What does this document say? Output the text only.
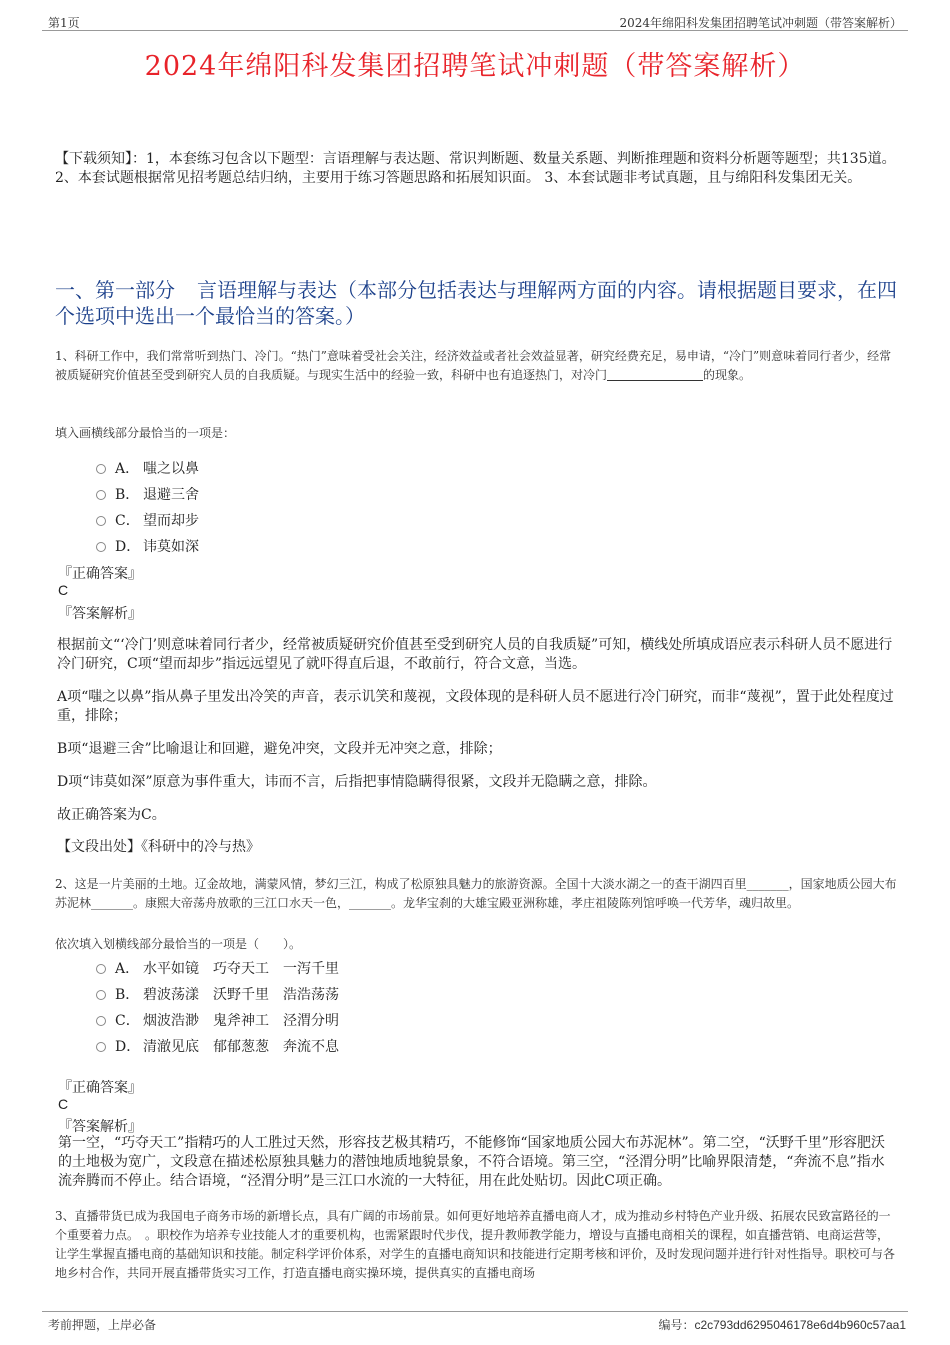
第1页	2024年绵阳科发集团招聘笔试冲刺题（带答案解析）
2024年绵阳科发集团招聘笔试冲刺题（带答案解析）
【下载须知】：1，本套练习包含以下题型：言语理解与表达题、常识判断题、数量关系题、判断推理题和资料分析题等题型；共135道。 2、本套试题根据常见招考题总结归纳，主要用于练习答题思路和拓展知识面。 3、本套试题非考试真题，且与绵阳科发集团无关。
一、第一部分 言语理解与表达（本部分包括表达与理解两方面的内容。请根据题目要求，在四个选项中选出一个最恰当的答案。）
1、科研工作中，我们常常听到热门、冷门。“热门”意味着受社会关注，经济效益或者社会效益显著，研究经费充足，易申请，“冷门”则意味着同行者少，经常被质疑研究价值甚至受到研究人员的自我质疑。与现实生活中的经验一致，科研中也有追逐热门，对冷门	的现象。
填入画横线部分最恰当的一项是：
A． 嗤之以鼻
B． 退避三舍
C． 望而却步
D． 讳莫如深
『正确答案』
C
『答案解析』
根据前文“‘冷门’则意味着同行者少，经常被质疑研究价值甚至受到研究人员的自我质疑”可知，横线处所填成语应表示科研人员不愿进行冷门研究，C项“望而却步”指远远望见了就吓得直后退，不敢前行，符合文意，当选。
A项“嗤之以鼻”指从鼻子里发出冷笑的声音，表示讥笑和蔑视，文段体现的是科研人员不愿进行冷门研究，而非“蔑视”，置于此处程度过重，排除；
B项“退避三舍”比喻退让和回避，避免冲突，文段并无冲突之意，排除；
D项“讳莫如深”原意为事件重大，讳而不言，后指把事情隐瞒得很紧，文段并无隐瞒之意，排除。
故正确答案为C。
【文段出处】《科研中的冷与热》
2、这是一片美丽的土地。辽金故地，满蒙风情，梦幻三江，构成了松原独具魅力的旅游资源。全国十大淡水湖之一的查干湖四百里_______，国家地质公园大布苏泥林_______。康熙大帝荡舟放歌的三江口水天一色，_______。龙华宝刹的大雄宝殿亚洲称雄，孝庄祖陵陈列馆呼唤一代芳华，魂归故里。
依次填入划横线部分最恰当的一项是（　　）。
A． 水平如镜　巧夺天工　一泻千里
B． 碧波荡漾　沃野千里　浩浩荡荡
C． 烟波浩渺　鬼斧神工　泾渭分明
D． 清澈见底　郁郁葱葱　奔流不息
『正确答案』
C
『答案解析』
第一空，“巧夺天工”指精巧的人工胜过天然，形容技艺极其精巧，不能修饰“国家地质公园大布苏泥林”。第二空，“沃野千里”形容肥沃的土地极为宽广，文段意在描述松原独具魅力的潜蚀地质地貌景象，不符合语境。第三空，“泾渭分明”比喻界限清楚，“奔流不息”指水流奔腾而不停止。结合语境，“泾渭分明”是三江口水流的一大特征，用在此处贴切。因此C项正确。
3、直播带货已成为我国电子商务市场的新增长点，具有广阔的市场前景。如何更好地培养直播电商人才，成为推动乡村特色产业升级、拓展农民致富路径的一个重要着力点。　。职校作为培养专业技能人才的重要机构，也需紧跟时代步伐，提升教师教学能力，增设与直播电商相关的课程，如直播营销、电商运营等，让学生掌握直播电商的基础知识和技能。制定科学评价体系，对学生的直播电商知识和技能进行定期考核和评价，及时发现问题并进行针对性指导。职校可与各地乡村合作，共同开展直播带货实习工作，打造直播电商实操环境，提供真实的直播电商场
考前押题，上岸必备	编号：c2c793dd6295046178e6d4b960c57aa1
